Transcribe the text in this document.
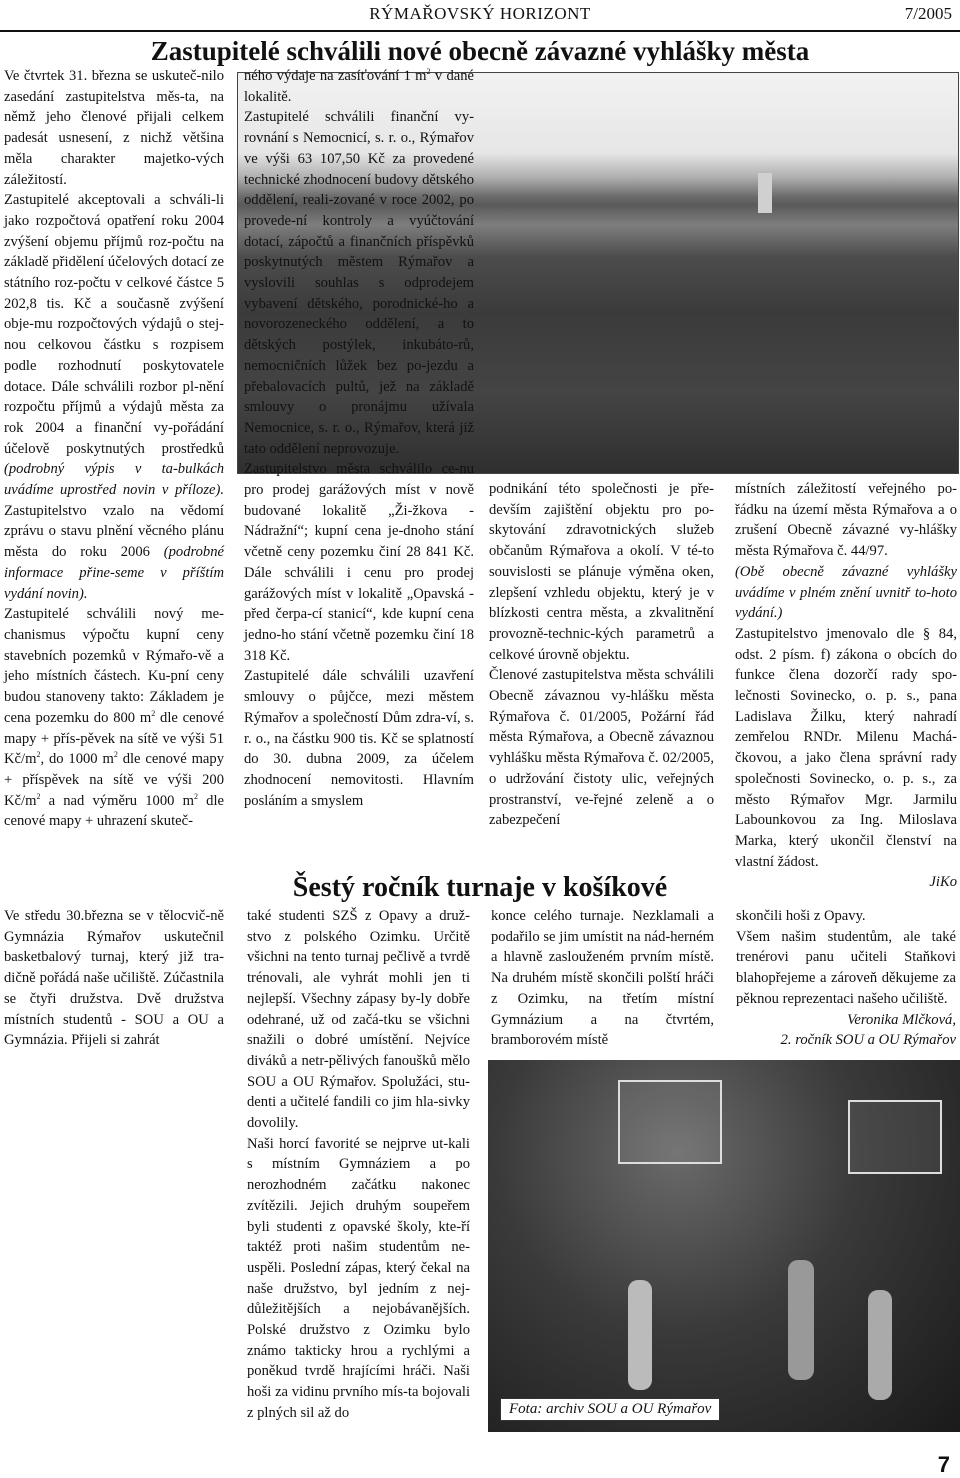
RÝMAŘOVSKÝ HORIZONT	7/2005
Zastupitelé schválili nové obecně závazné vyhlášky města

Ve čtvrtek 31. března se uskuteč-nilo zasedání zastupitelstva měs-ta, na němž jeho členové přijali celkem padesát usnesení, z nichž většina měla charakter majetko-vých záležitostí.

Zastupitelé akceptovali a schváli-li jako rozpočtová opatření roku 2004 zvýšení objemu příjmů roz-počtu na základě přidělení účelových dotací ze státního roz-počtu v celkové částce 5 202,8 tis. Kč a současně zvýšení obje-mu rozpočtových výdajů o stej-nou celkovou částku s rozpisem podle rozhodnutí poskytovatele dotace. Dále schválili rozbor pl-nění rozpočtu příjmů a výdajů města za rok 2004 a finanční vy-pořádání účelově poskytnutých prostředků (podrobný výpis v ta-bulkách uvádíme uprostřed novin v příloze). Zastupitelstvo vzalo na vědomí zprávu o stavu plnění věcného plánu města do roku 2006 (podrobné informace přine-seme v příštím vydání novin).

Zastupitelé schválili nový me-chanismus výpočtu kupní ceny stavebních pozemků v Rýmařo-vě a jeho místních částech. Ku-pní ceny budou stanoveny takto: Základem je cena pozemku do 800 $m^2$ dle cenové mapy + přís-pěvek na sítě ve výši 51 $Kč/m^2$, do 1000 $m^2$ dle cenové mapy + příspěvek na sítě ve výši 200 $Kč/m^2$ a nad výměru 1000 $m^2$ dle cenové mapy + uhrazení skuteč-

ného výdaje na zasíťování 1 $m^2$ v dané lokalitě.

Zastupitelé schválili finanční vy-rovnání s Nemocnicí, s. r. o., Rýmařov ve výši 63 107,50 Kč za provedené technické zhodnocení budovy dětského oddělení, reali-zované v roce 2002, po provede-ní kontroly a vyúčtování dotací, zápočtů a finančních příspěvků poskytnutých městem Rýmařov a vyslovili souhlas s odprodejem vybavení dětského, porodnické-ho a novorozeneckého oddělení, a to dětských postýlek, inkubáto-rů, nemocničních lůžek bez po-jezdu a přebalovacích pultů, jež na základě smlouvy o pronájmu užívala Nemocnice, s. r. o., Rýmařov, která již tato oddělení neprovozuje.

Zastupitelstvo města schválilo ce-nu pro prodej garážových míst v nově budované lokalitě „Ži-žkova - Nádražní“; kupní cena je-dnoho stání včetně ceny pozemku činí 28 841 Kč. Dále schválili i cenu pro prodej garážových míst v lokalitě „Opavská - před čerpa-cí stanicí“, kde kupní cena jedno-ho stání včetně pozemku činí 18 318 Kč.

Zastupitelé dále schválili uzavření smlouvy o půjčce, mezi městem Rýmařov a společností Dům zdra-ví, s. r. o., na částku 900 tis. Kč se splatností do 30. dubna 2009, za účelem zhodnocení nemovitosti. Hlavním posláním a smyslem

podnikání této společnosti je pře-devším zajištění objektu pro po-skytování zdravotnických služeb občanům Rýmařova a okolí. V té-to souvislosti se plánuje výměna oken, zlepšení vzhledu objektu, který je v blízkosti centra města, a zkvalitnění provozně-technic-kých parametrů a celkové úrovně objektu.

Členové zastupitelstva města schválili Obecně závaznou vy-hlášku města Rýmařova č. 01/2005, Požární řád města Rýmařova, a Obecně závaznou vyhlášku města Rýmařova č. 02/2005, o udržování čistoty ulic, veřejných prostranství, ve-řejné zeleně a o zabezpečení

místních záležitostí veřejného po-řádku na území města Rýmařova a o zrušení Obecně závazné vy-hlášky města Rýmařova č. 44/97.

(Obě obecně závazné vyhlášky uvádíme v plném znění uvnitř to-hoto vydání.)

Zastupitelstvo jmenovalo dle § 84, odst. 2 písm. f) zákona o obcích do funkce člena dozorčí rady spo-lečnosti Sovinecko, o. p. s., pana Ladislava Žilku, který nahradí zemřelou RNDr. Milenu Machá-čkovou, a jako člena správní rady společnosti Sovinecko, o. p. s., za město Rýmařov Mgr. Jarmilu Labounkovou za Ing. Miloslava Marka, který ukončil členství na vlastní žádost.

JiKo

Šestý ročník turnaje v košíkové

Ve středu 30.března se v tělocvič-ně Gymnázia Rýmařov uskutečnil basketbalový turnaj, který již tra-dičně pořádá naše učiliště. Zúčastnila se čtyři družstva. Dvě družstva místních studentů - SOU a OU a Gymnázia. Přijeli si zahrát

také studenti SZŠ z Opavy a druž-stvo z polského Ozimku. Určitě všichni na tento turnaj pečlivě a tvrdě trénovali, ale vyhrát mohli jen ti nejlepší. Všechny zápasy by-ly dobře odehrané, už od začá-tku se všichni snažili o dobré umístění. Nejvíce diváků a netr-pělivých fanoušků mělo SOU a OU Rýmařov. Spolužáci, stu-denti a učitelé fandili co jim hla-sivky dovolily.

Naši horcí favorité se nejprve ut-kali s místním Gymnáziem a po nerozhodném začátku nakonec zvítězili. Jejich druhým soupeřem byli studenti z opavské školy, kte-ří taktéž proti našim studentům ne-uspěli. Poslední zápas, který čekal na naše družstvo, byl jedním z nej-důležitějších a nejobávanějších. Polské družstvo z Ozimku bylo známo takticky hrou a rychlými a poněkud tvrdě hrajícími hráči. Naši hoši za vidinu prvního mís-ta bojovali z plných sil až do

konce celého turnaje. Nezklamali a podařilo se jim umístit na nád-herném a hlavně zaslouženém prvním místě. Na druhém místě skončili polští hráči z Ozimku, na třetím místní Gymnázium a na čtvrtém, bramborovém místě

skončili hoši z Opavy.

Všem našim studentům, ale také trenérovi panu učiteli Staňkovi blahopřejeme a zároveň děkujeme za pěknou reprezentaci našeho učiliště.

Veronika Mlčková,

2. ročník SOU a OU Rýmařov

Fota: archiv SOU a OU Rýmařov
7
